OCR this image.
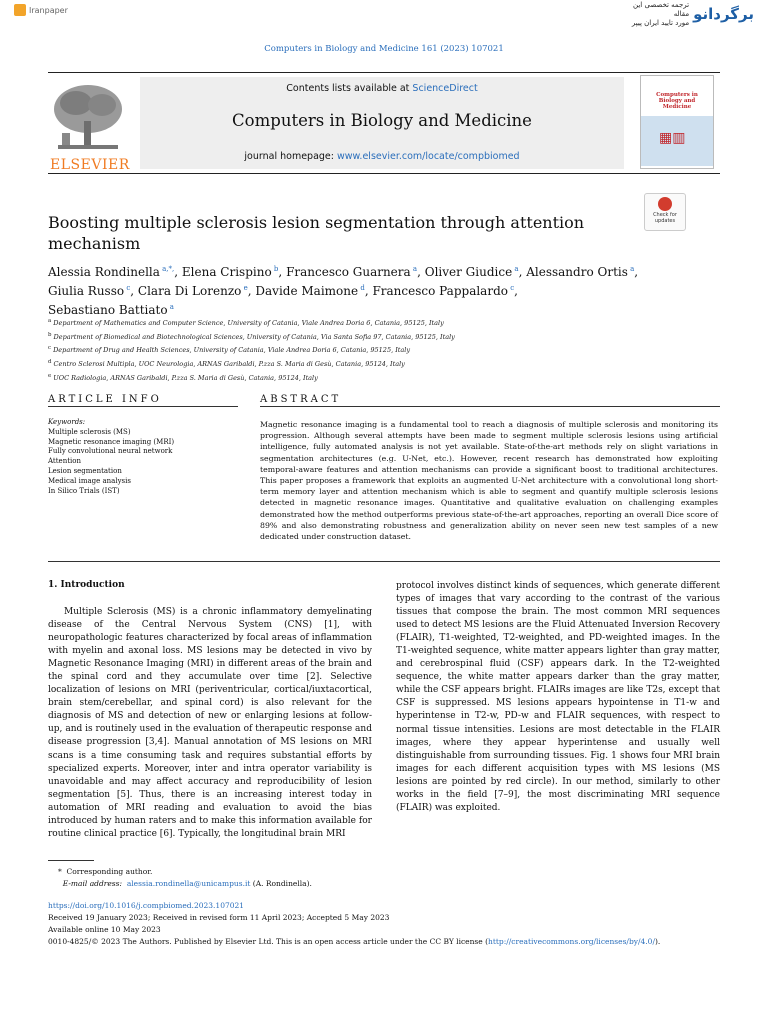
Iranpaper	برگردانو
ترجمه تخصصی این مقاله
مورد تایید ایران پیپر
Computers in Biology and Medicine 161 (2023) 107021
ELSEVIER
Contents lists available at ScienceDirect
Computers in Biology and Medicine
journal homepage: www.elsevier.com/locate/compbiomed
Computers in Biology and Medicine
▦▥
Check for
updates
Boosting multiple sclerosis lesion segmentation through attention mechanism
Alessia Rondinella $^{a,*,}$, Elena Crispino $^b$, Francesco Guarnera $^a$, Oliver Giudice $^a$, Alessandro Ortis $^a$,
Giulia Russo $^c$, Clara Di Lorenzo $^e$, Davide Maimone $^d$, Francesco Pappalardo $^c$,
Sebastiano Battiato $^a$
$^a$ Department of Mathematics and Computer Science, University of Catania, Viale Andrea Doria 6, Catania, 95125, Italy
$^b$ Department of Biomedical and Biotechnological Sciences, University of Catania, Via Santa Sofia 97, Catania, 95125, Italy
$^c$ Department of Drug and Health Sciences, University of Catania, Viale Andrea Doria 6, Catania, 95125, Italy
$^d$ Centro Sclerosi Multipla, UOC Neurologia, ARNAS Garibaldi, P.zza S. Maria di Gesù, Catania, 95124, Italy
$^e$ UOC Radiologia, ARNAS Garibaldi, P.zza S. Maria di Gesù, Catania, 95124, Italy
ARTICLE INFO	ABSTRACT
Keywords:
Multiple sclerosis (MS)
Magnetic resonance imaging (MRI)
Fully convolutional neural network
Attention
Lesion segmentation
Medical image analysis
In Silico Trials (IST)
Magnetic resonance imaging is a fundamental tool to reach a diagnosis of multiple sclerosis and monitoring its progression. Although several attempts have been made to segment multiple sclerosis lesions using artificial intelligence, fully automated analysis is not yet available. State-of-the-art methods rely on slight variations in segmentation architectures (e.g. U-Net, etc.). However, recent research has demonstrated how exploiting temporal-aware features and attention mechanisms can provide a significant boost to traditional architectures. This paper proposes a framework that exploits an augmented U-Net architecture with a convolutional long short-term memory layer and attention mechanism which is able to segment and quantify multiple sclerosis lesions detected in magnetic resonance images. Quantitative and qualitative evaluation on challenging examples demonstrated how the method outperforms previous state-of-the-art approaches, reporting an overall Dice score of 89% and also demonstrating robustness and generalization ability on never seen new test samples of a new dedicated under construction dataset.
1. Introduction
Multiple Sclerosis (MS) is a chronic inflammatory demyelinating disease of the Central Nervous System (CNS) [1], with neuropathologic features characterized by focal areas of inflammation with myelin and axonal loss. MS lesions may be detected in vivo by Magnetic Resonance Imaging (MRI) in different areas of the brain and the spinal cord and they accumulate over time [2]. Selective localization of lesions on MRI (periventricular, cortical/iuxtacortical, brain stem/cerebellar, and spinal cord) is also relevant for the diagnosis of MS and detection of new or enlarging lesions at follow-up, and is routinely used in the evaluation of therapeutic response and disease progression [3,4]. Manual annotation of MS lesions on MRI scans is a time consuming task and requires substantial efforts by specialized experts. Moreover, inter and intra operator variability is unavoidable and may affect accuracy and reproducibility of lesion segmentation [5]. Thus, there is an increasing interest today in automation of MRI reading and evaluation to avoid the bias introduced by human raters and to make this information available for routine clinical practice [6]. Typically, the longitudinal brain MRI
protocol involves distinct kinds of sequences, which generate different types of images that vary according to the contrast of the various tissues that compose the brain. The most common MRI sequences used to detect MS lesions are the Fluid Attenuated Inversion Recovery (FLAIR), T1-weighted, T2-weighted, and PD-weighted images. In the T1-weighted sequence, white matter appears lighter than gray matter, and cerebrospinal fluid (CSF) appears dark. In the T2-weighted sequence, the white matter appears darker than the gray matter, while the CSF appears bright. FLAIRs images are like T2s, except that CSF is suppressed. MS lesions appears hypointense in T1-w and hyperintense in T2-w, PD-w and FLAIR sequences, with respect to normal tissue intensities. Lesions are most detectable in the FLAIR images, where they appear hyperintense and usually well distinguishable from surrounding tissues. Fig. 1 shows four MRI brain images for each different acquisition types with MS lesions (MS lesions are pointed by red circle). In our method, similarly to other works in the field [7–9], the most discriminating MRI sequence (FLAIR) was exploited.
* Corresponding author.
E-mail address: alessia.rondinella@unicampus.it (A. Rondinella).
https://doi.org/10.1016/j.compbiomed.2023.107021
Received 19 January 2023; Received in revised form 11 April 2023; Accepted 5 May 2023
Available online 10 May 2023
0010-4825/© 2023 The Authors. Published by Elsevier Ltd. This is an open access article under the CC BY license (http://creativecommons.org/licenses/by/4.0/).
